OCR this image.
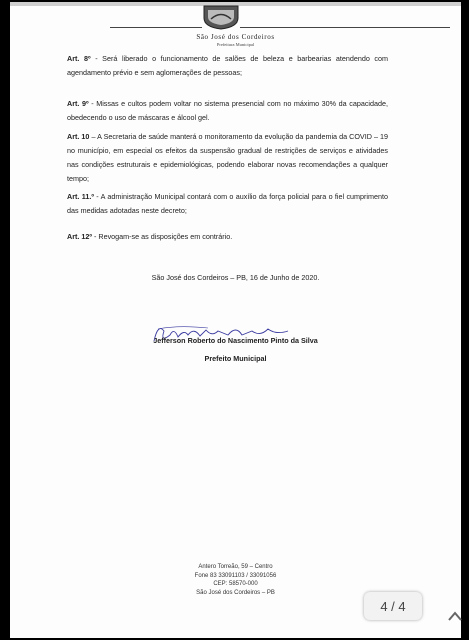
São José dos Cordeiros
Prefeitura Municipal
Art. 8º - Será liberado o funcionamento de salões de beleza e barbearias atendendo com agendamento prévio e sem aglomerações de pessoas;
Art. 9º - Missas e cultos podem voltar no sistema presencial com no máximo 30% da capacidade, obedecendo o uso de máscaras e álcool gel.
Art. 10 – A Secretaria de saúde manterá o monitoramento da evolução da pandemia da COVID – 19 no município, em especial os efeitos da suspensão gradual de restrições de serviços e atividades nas condições estruturais e epidemiológicas, podendo elaborar novas recomendações a qualquer tempo;
Art. 11.º - A administração Municipal contará com o auxílio da força policial para o fiel cumprimento das medidas adotadas neste decreto;
Art. 12º - Revogam-se as disposições em contrário.
São José dos Cordeiros – PB, 16 de Junho de 2020.
Jefferson Roberto do Nascimento Pinto da Silva
Prefeito Municipal
Antero Torreão, 59 – Centro
Fone 83 33091103 / 33091056
CEP: 58570-000
São José dos Cordeiros – PB
4 / 4
